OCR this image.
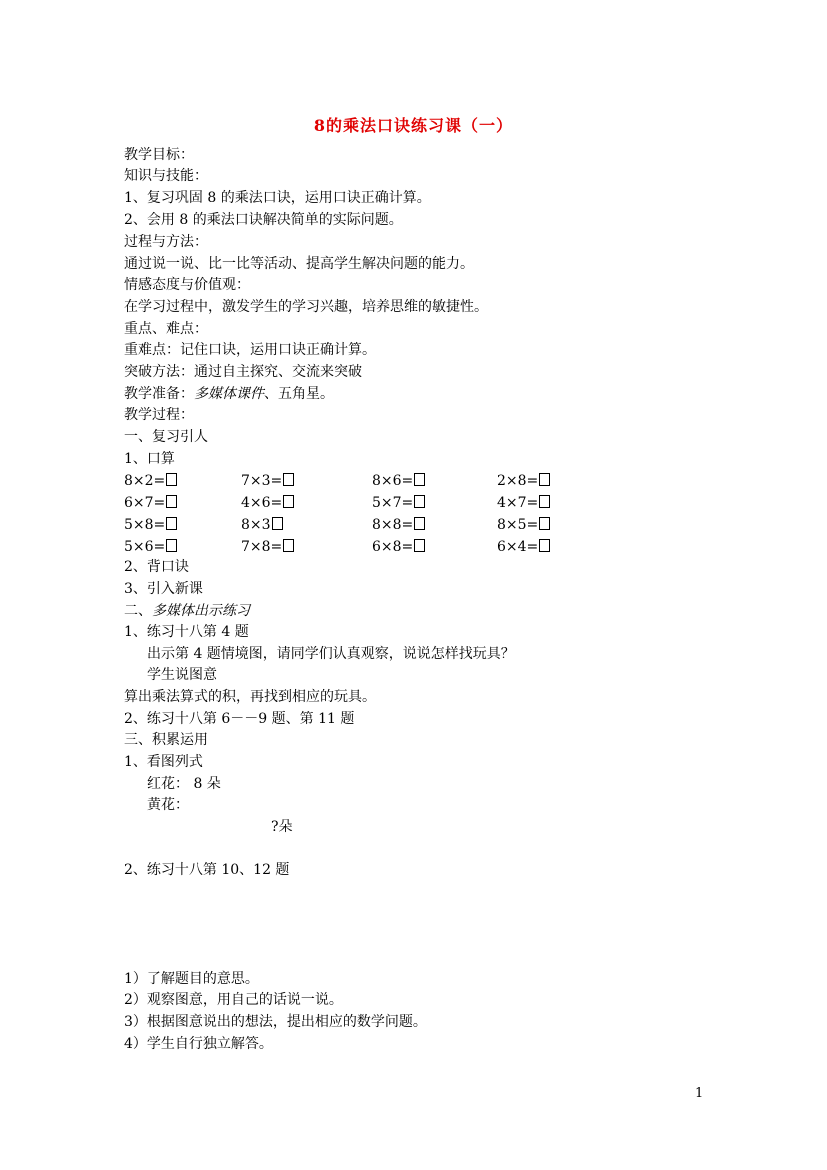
8的乘法口诀练习课（一）
教学目标：
知识与技能：
1、复习巩固 8 的乘法口诀，运用口诀正确计算。
2、会用 8 的乘法口诀解决简单的实际问题。
过程与方法：
通过说一说、比一比等活动、提高学生解决问题的能力。
情感态度与价值观：
在学习过程中，激发学生的学习兴趣，培养思维的敏捷性。
重点、难点：
重难点：记住口诀，运用口诀正确计算。
突破方法：通过自主探究、交流来突破
教学准备：多媒体课件、五角星。
教学过程：
一、复习引人
1、口算
8×2=	7×3=	8×6=	2×8=
6×7=	4×6=	5×7=	4×7=
5×8=	8×3	8×8=	8×5=
5×6=	7×8=	6×8=	6×4=
2、背口诀
3、引入新课
二、多媒体出示练习
1、练习十八第 4 题
出示第 4 题情境图，请同学们认真观察，说说怎样找玩具？
学生说图意
算出乘法算式的积，再找到相应的玩具。
2、练习十八第 6－－9 题、第 11 题
三、积累运用
1、看图列式
红花： 8 朵
黄花：
?朵
2、练习十八第 10、12 题
1）了解题目的意思。
2）观察图意，用自己的话说一说。
3）根据图意说出的想法，提出相应的数学问题。
4）学生自行独立解答。
1
